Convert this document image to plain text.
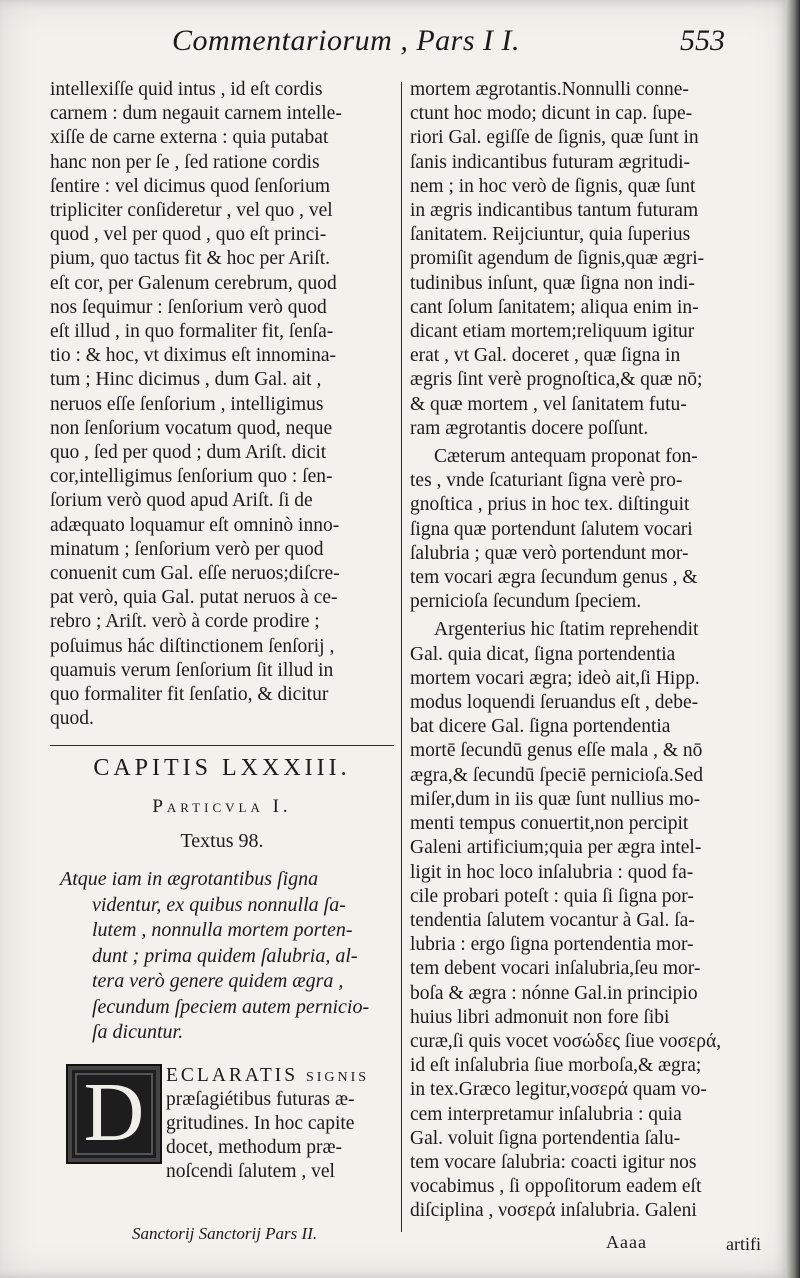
Commentariorum , Pars I I.	553
intellexiſſe quid intus , id eſt cordis
carnem : dum negauit carnem intelle-
xiſſe de carne externa : quia putabat
hanc non per ſe , ſed ratione cordis
ſentire : vel dicimus quod ſenſorium
tripliciter conſideretur , vel quo , vel
quod , vel per quod , quo eſt princi-
pium, quo tactus fit & hoc per Ariſt.
eſt cor, per Galenum cerebrum, quod
nos ſequimur : ſenſorium verò quod
eſt illud , in quo formaliter fit, ſenſa-
tio : & hoc, vt diximus eſt innomina-
tum ; Hinc dicimus , dum Gal. ait ,
neruos eſſe ſenſorium , intelligimus
non ſenſorium vocatum quod, neque
quo , ſed per quod ; dum Ariſt. dicit
cor,intelligimus ſenſorium quo : ſen-
ſorium verò quod apud Ariſt. ſi de
adæquato loquamur eſt omninò inno-
minatum ; ſenſorium verò per quod
conuenit cum Gal. eſſe neruos;diſcre-
pat verò, quia Gal. putat neruos à ce-
rebro ; Ariſt. verò à corde prodire ;
poſuimus hác diſtinctionem ſenſorij ,
quamuis verum ſenſorium ſit illud in
quo formaliter fit ſenſatio, & dicitur
quod.
CAPITIS LXXXIII.
Particvla I.
Textus 98.
Atque iam in ægrotantibus ſigna
videntur, ex quibus nonnulla ſa-
lutem , nonnulla mortem porten-
dunt ; prima quidem ſalubria, al-
tera verò genere quidem ægra ,
ſecundum ſpeciem autem pernicio-
ſa dicuntur.
D	ECLARATIS ſignis
præſagiétibus futuras æ-
gritudines. In hoc capite
docet, methodum præ-
noſcendi ſalutem , vel
mortem ægrotantis.Nonnulli conne-
ctunt hoc modo; dicunt in cap. ſupe-
riori Gal. egiſſe de ſignis, quæ ſunt in
ſanis indicantibus futuram ægritudi-
nem ; in hoc verò de ſignis, quæ ſunt
in ægris indicantibus tantum futuram
ſanitatem. Reijciuntur, quia ſuperius
promiſit agendum de ſignis,quæ ægri-
tudinibus inſunt, quæ ſigna non indi-
cant ſolum ſanitatem; aliqua enim in-
dicant etiam mortem;reliquum igitur
erat , vt Gal. doceret , quæ ſigna in
ægris ſint verè prognoſtica,& quæ nō;
& quæ mortem , vel ſanitatem futu-
ram ægrotantis docere poſſunt.
Cæterum antequam proponat fon-
tes , vnde ſcaturiant ſigna verè pro-
gnoſtica , prius in hoc tex. diſtinguit
ſigna quæ portendunt ſalutem vocari
ſalubria ; quæ verò portendunt mor-
tem vocari ægra ſecundum genus , &
pernicioſa ſecundum ſpeciem.
Argenterius hic ſtatim reprehendit
Gal. quia dicat, ſigna portendentia
mortem vocari ægra; ideò ait,ſi Hipp.
modus loquendi ſeruandus eſt , debe-
bat dicere Gal. ſigna portendentia
mortē ſecundū genus eſſe mala , & nō
ægra,& ſecundū ſpeciē pernicioſa.Sed
miſer,dum in iis quæ ſunt nullius mo-
menti tempus conuertit,non percipit
Galeni artificium;quia per ægra intel-
ligit in hoc loco inſalubria : quod fa-
cile probari poteſt : quia ſi ſigna por-
tendentia ſalutem vocantur à Gal. ſa-
lubria : ergo ſigna portendentia mor-
tem debent vocari inſalubria,ſeu mor-
boſa & ægra : nónne Gal.in principio
huius libri admonuit non fore ſibi
curæ,ſi quis vocet νοσώδες ſiue νοσερά,
id eſt inſalubria ſiue morboſa,& ægra;
in tex.Græco legitur,νοσερά quam vo-
cem interpretamur inſalubria : quia
Gal. voluit ſigna portendentia ſalu-
tem vocare ſalubria: coacti igitur nos
vocabimus , ſi oppoſitorum eadem eſt
diſciplina , νοσερά inſalubria. Galeni
Sanctorij Sanctorij Pars II.	Aaaa	artifi
